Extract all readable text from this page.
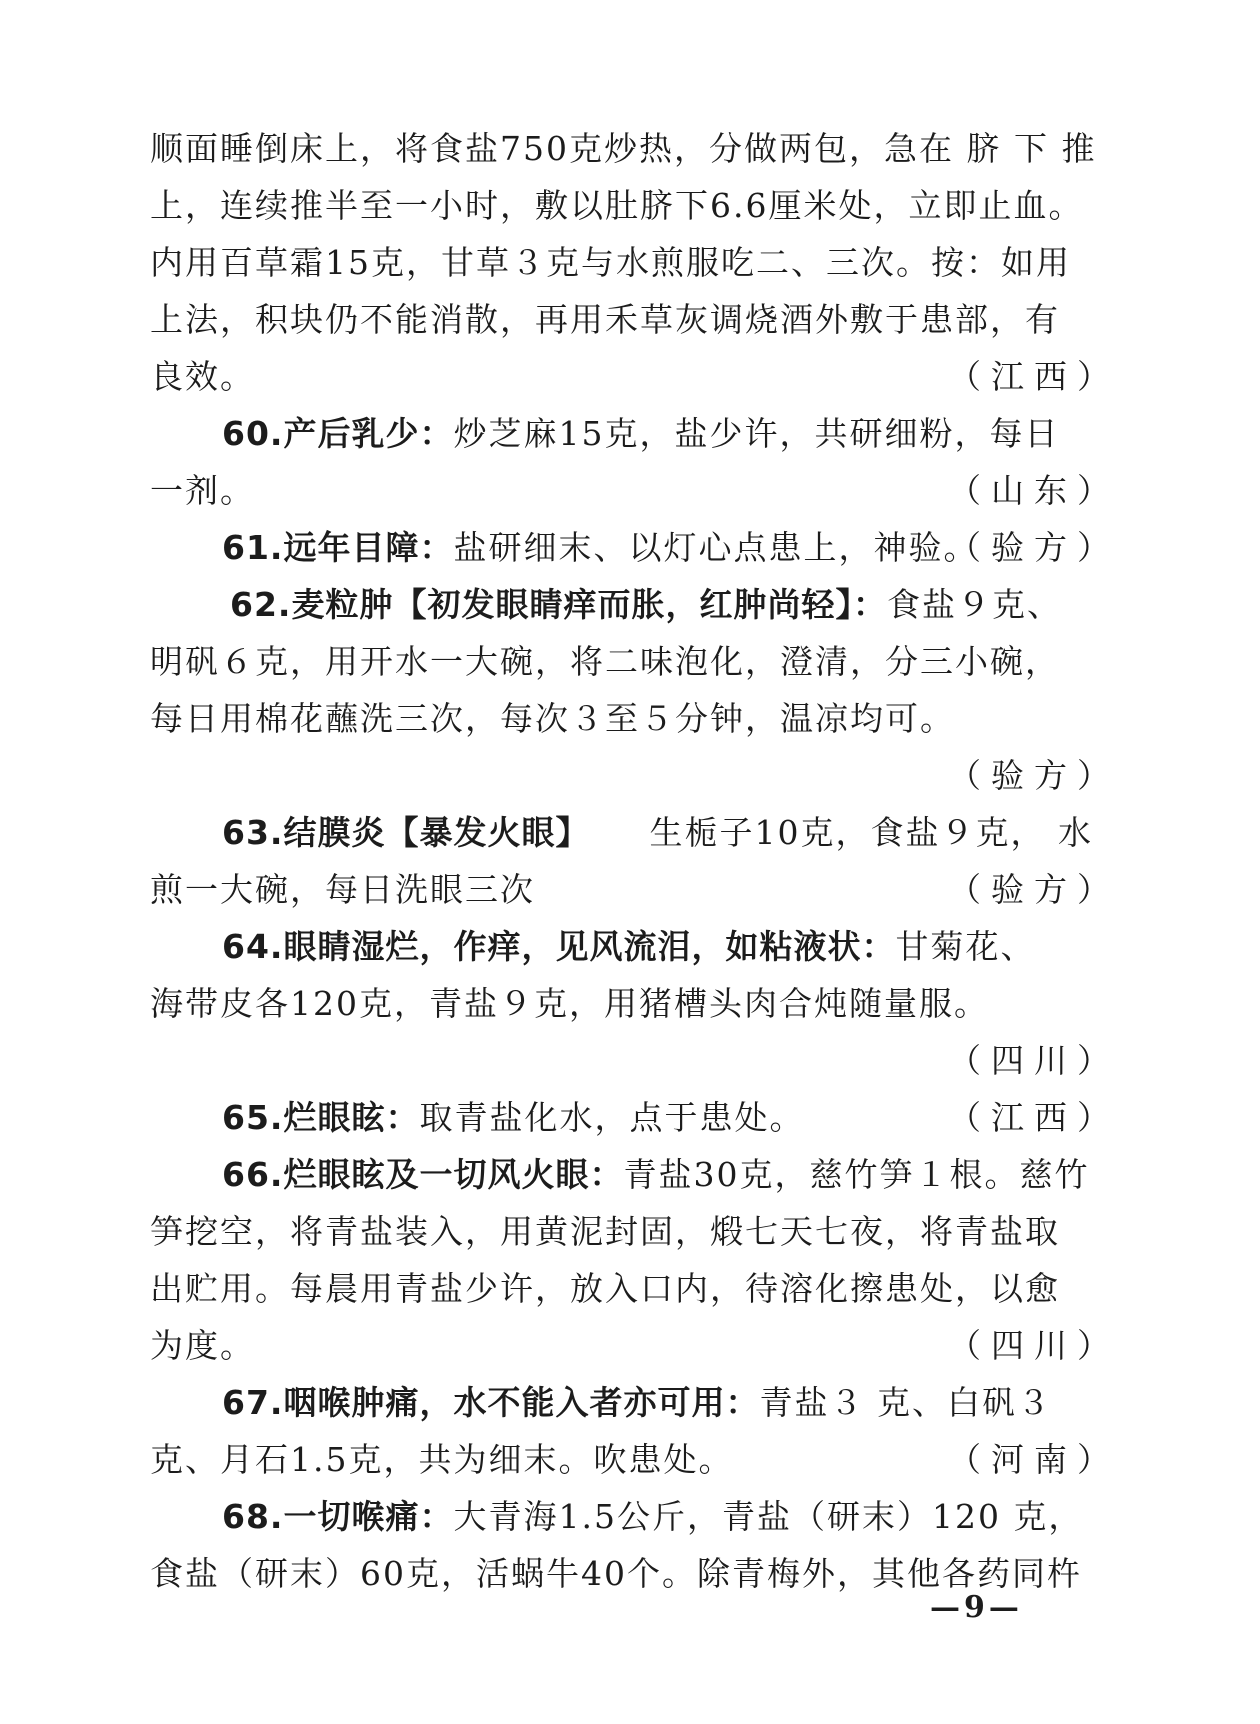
顺面睡倒床上，将食盐750克炒热，分做两包，急在 脐 下 推
上，连续推半至一小时，敷以肚脐下6.6厘米处，立即止血。
内用百草霜15克，甘草３克与水煎服吃二、三次。按：如用
上法，积块仍不能消散，再用禾草灰调烧酒外敷于患部，有
良效。	（江西）
60.产后乳少：炒芝麻15克，盐少许，共研细粉，每日
一剂。	（山东）
61.远年目障：盐研细末、以灯心点患上，神验。
（验方）
62.麦粒肿【初发眼睛痒而胀，红肿尚轻】：食盐９克、
明矾６克，用开水一大碗，将二味泡化，澄清，分三小碗，
每日用棉花蘸洗三次，每次３至５分钟，温凉均可。
（验方）
63.结膜炎【暴发火眼】 生栀子10克，食盐９克， 水
煎一大碗，每日洗眼三次	（验方）
64.眼睛湿烂，作痒，见风流泪，如粘液状：甘菊花、
海带皮各120克，青盐９克，用猪槽头肉合炖随量服。
（四川）
65.烂眼眩：取青盐化水，点于患处。	（江西）
66.烂眼眩及一切风火眼：青盐30克，慈竹笋１根。慈竹
笋挖空，将青盐装入，用黄泥封固，煅七天七夜，将青盐取
出贮用。每晨用青盐少许，放入口内，待溶化擦患处，以愈
为度。	（四川）
67.咽喉肿痛，水不能入者亦可用：青盐３ 克、白矾３
克、月石1.5克，共为细末。吹患处。	（河南）
68.一切喉痛：大青海1.5公斤，青盐（研末）120 克，
食盐（研末）60克，活蜗牛40个。除青梅外，其他各药同杵
—9—
